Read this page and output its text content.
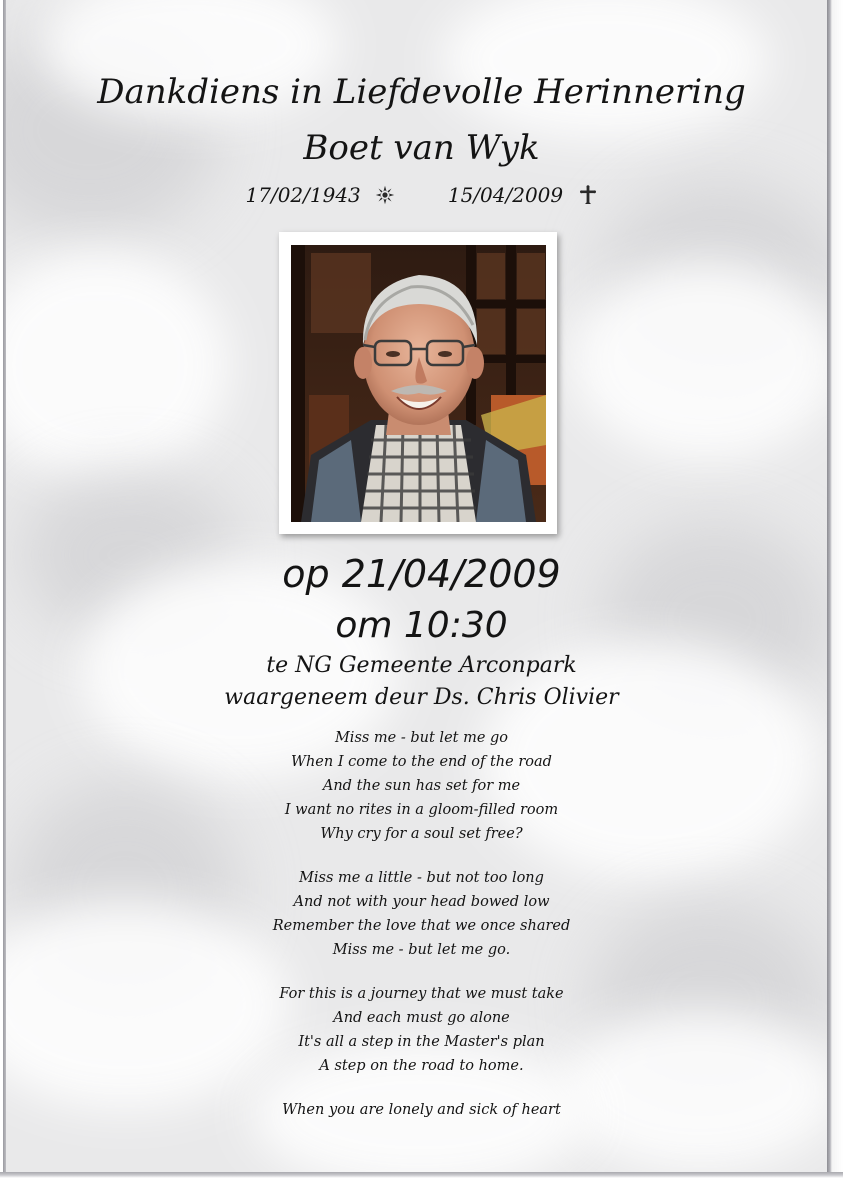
Dankdiens in Liefdevolle Herinnering
Boet van Wyk
17/02/1943	15/04/2009
op 21/04/2009
om 10:30
te NG Gemeente Arconpark
waargeneem deur Ds. Chris Olivier
Miss me - but let me go
When I come to the end of the road
And the sun has set for me
I want no rites in a gloom-filled room
Why cry for a soul set free?
Miss me a little - but not too long
And not with your head bowed low
Remember the love that we once shared
Miss me - but let me go.
For this is a journey that we must take
And each must go alone
It's all a step in the Master's plan
A step on the road to home.
When you are lonely and sick of heart
